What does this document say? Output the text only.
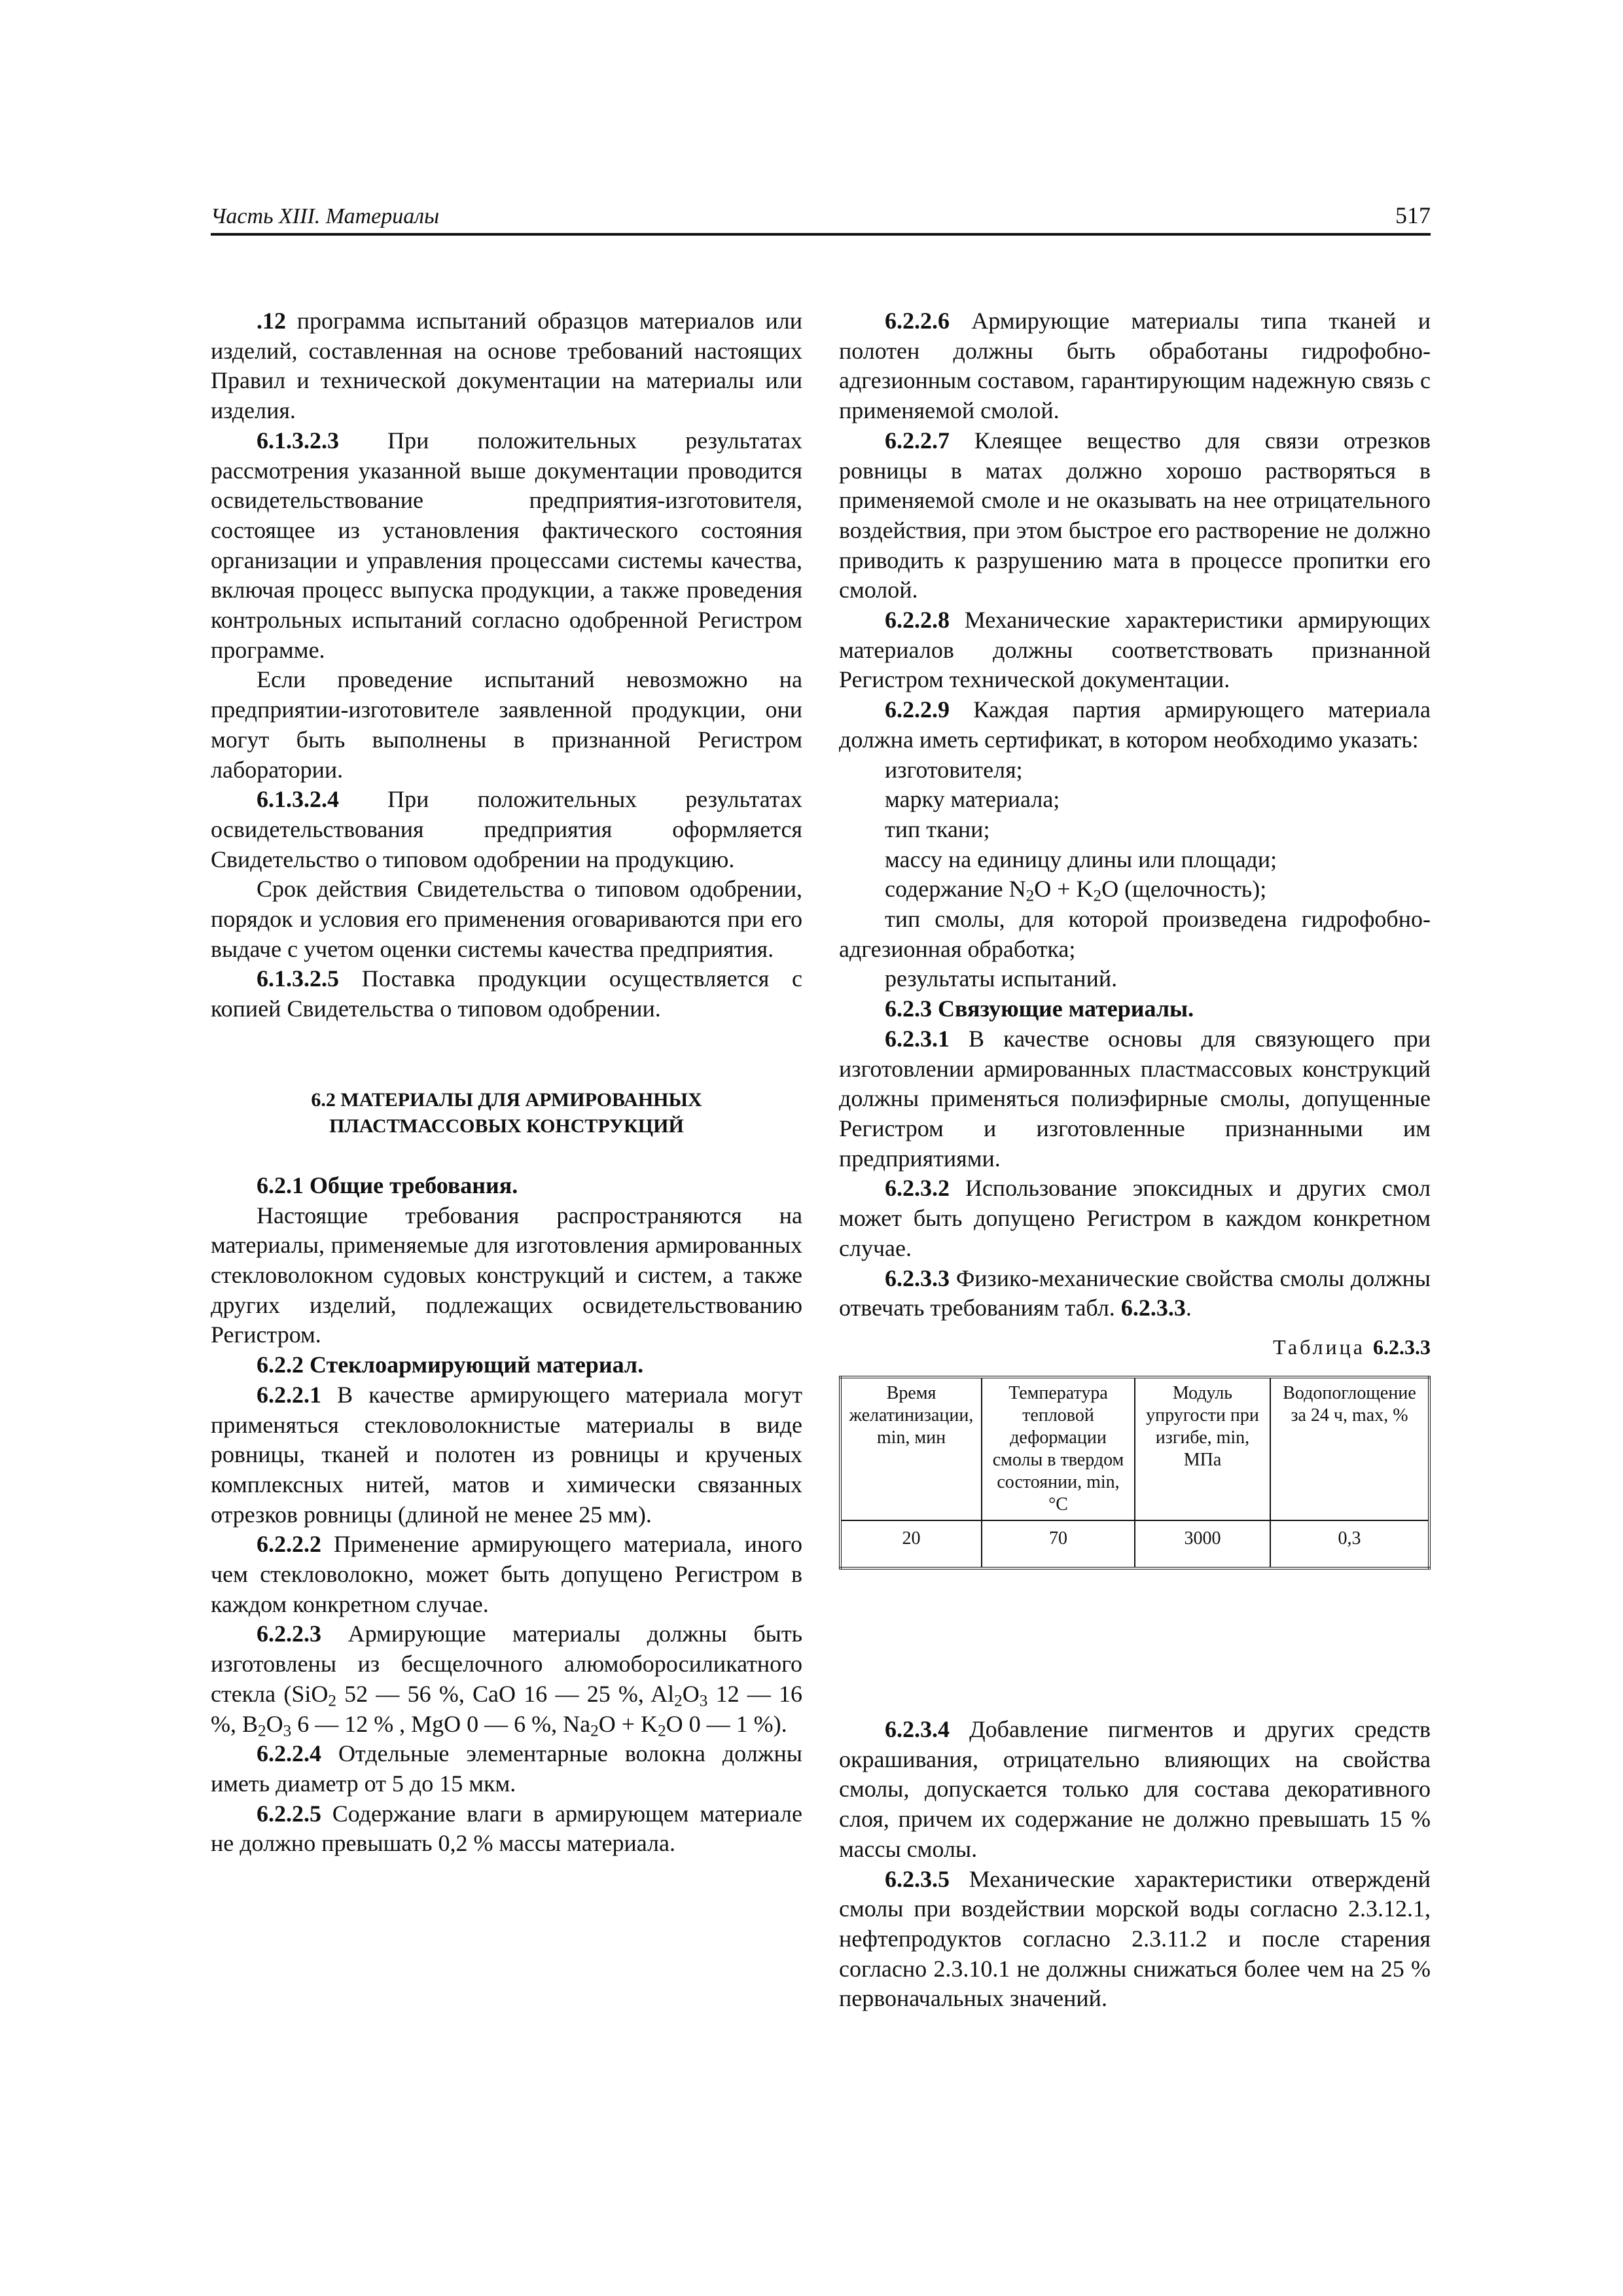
Часть XIII. Материалы	517

.12 программа испытаний образцов материалов или изделий, составленная на основе требований настоящих Правил и технической документации на материалы или изделия.

6.1.3.2.3 При положительных результатах рассмотрения указанной выше документации проводится освидетельствование предприятия-изготовителя, состоящее из установления фактического состояния организации и управления процессами системы качества, включая процесс выпуска продукции, а также проведения контрольных испытаний согласно одобренной Регистром программе.

Если проведение испытаний невозможно на предприятии-изготовителе заявленной продукции, они могут быть выполнены в признанной Регистром лаборатории.

6.1.3.2.4 При положительных результатах освидетельствования предприятия оформляется Свидетельство о типовом одобрении на продукцию.

Срок действия Свидетельства о типовом одобрении, порядок и условия его применения оговариваются при его выдаче с учетом оценки системы качества предприятия.

6.1.3.2.5 Поставка продукции осуществляется с копией Свидетельства о типовом одобрении.

6.2 МАТЕРИАЛЫ ДЛЯ АРМИРОВАННЫХ
ПЛАСТМАССОВЫХ КОНСТРУКЦИЙ

6.2.1 Общие требования.

Настоящие требования распространяются на материалы, применяемые для изготовления армированных стекловолокном судовых конструкций и систем, а также других изделий, подлежащих освидетельствованию Регистром.

6.2.2 Стеклоармирующий материал.

6.2.2.1 В качестве армирующего материала могут применяться стекловолокнистые материалы в виде ровницы, тканей и полотен из ровницы и крученых комплексных нитей, матов и химически связанных отрезков ровницы (длиной не менее 25 мм).

6.2.2.2 Применение армирующего материала, иного чем стекловолокно, может быть допущено Регистром в каждом конкретном случае.

6.2.2.3 Армирующие материалы должны быть изготовлены из бесщелочного алюмоборосиликатного стекла (SiO$_2$ 52 — 56 %, CaO 16 — 25 %, $Al_2O_3$ 12 — 16 %, $B_2O_3$ 6 — 12 % , MgO 0 — 6 %, $Na_2O + K_2O$ 0 — 1 %).

6.2.2.4 Отдельные элементарные волокна должны иметь диаметр от 5 до 15 мкм.

6.2.2.5 Содержание влаги в армирующем материале не должно превышать 0,2 % массы материала.

6.2.2.6 Армирующие материалы типа тканей и полотен должны быть обработаны гидрофобно-адгезионным составом, гарантирующим надежную связь с применяемой смолой.

6.2.2.7 Клеящее вещество для связи отрезков ровницы в матах должно хорошо растворяться в применяемой смоле и не оказывать на нее отрицательного воздействия, при этом быстрое его растворение не должно приводить к разрушению мата в процессе пропитки его смолой.

6.2.2.8 Механические характеристики армирующих материалов должны соответствовать признанной Регистром технической документации.

6.2.2.9 Каждая партия армирующего материала должна иметь сертификат, в котором необходимо указать:

изготовителя;

марку материала;

тип ткани;

массу на единицу длины или площади;

содержание $N_2O + K_2O$ (щелочность);

тип смолы, для которой произведена гидрофобно-адгезионная обработка;

результаты испытаний.

6.2.3 Связующие материалы.

6.2.3.1 В качестве основы для связующего при изготовлении армированных пластмассовых конструкций должны применяться полиэфирные смолы, допущенные Регистром и изготовленные признанными им предприятиями.

6.2.3.2 Использование эпоксидных и других смол может быть допущено Регистром в каждом конкретном случае.

6.2.3.3 Физико-механические свойства смолы должны отвечать требованиям табл. 6.2.3.3.

Таблица 6.2.3.3
Время желатинизации, min, мин	Температура тепловой деформации смолы в твердом состоянии, min, °C	Модуль упругости при изгибе, min, МПа	Водопоглощение за 24 ч, max, %
20	70	3000	0,3

6.2.3.4 Добавление пигментов и других средств окрашивания, отрицательно влияющих на свойства смолы, допускается только для состава декоративного слоя, причем их содержание не должно превышать 15 % массы смолы.

6.2.3.5 Механические характеристики отвержденй смолы при воздействии морской воды согласно 2.3.12.1, нефтепродуктов согласно 2.3.11.2 и после старения согласно 2.3.10.1 не должны снижаться более чем на 25 % первоначальных значений.
